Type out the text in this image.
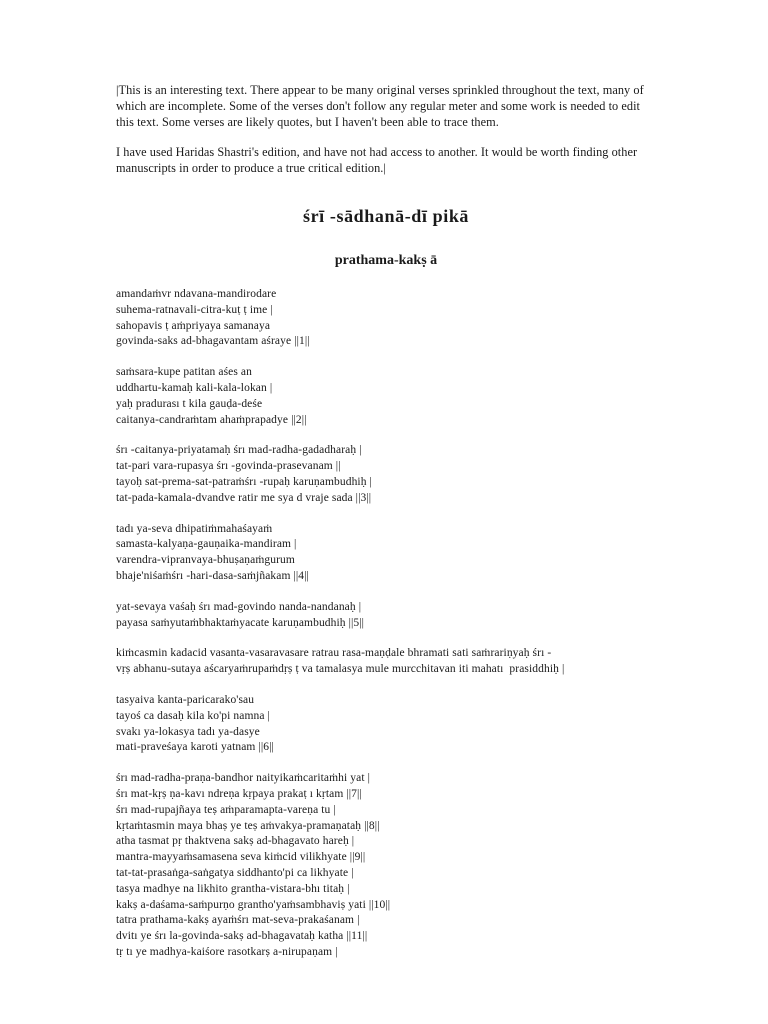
|This is an interesting text. There appear to be many original verses sprinkled throughout the text, many of which are incomplete. Some of the verses don't follow any regular meter and some work is needed to edit this text. Some verses are likely quotes, but I haven't been able to trace them.

I have used Haridas Shastri's edition, and have not had access to another. It would be worth finding other manuscripts in order to produce a true critical edition.|

śrī -sādhanā-dī pikā
prathama-kakṣ ā
amandaṁvr ndavana-mandirodare
suhema-ratnavali-citra-kuṭ ṭ ime |
sahopavis ṭ aṁpriyaya samanaya
govinda-saks ad-bhagavantam aśraye ||1||
saṁsara-kupe patitan aśes an
uddhartu-kamaḥ kali-kala-lokan |
yaḥ pradurası t kila gauḍa-deśe
caitanya-candraṁtam ahaṁprapadye ||2||
śrı -caitanya-priyatamaḥ śrı mad-radha-gadadharaḥ |
tat-pari vara-rupasya śrı -govinda-prasevanam ||
tayoḥ sat-prema-sat-patraṁśrı -rupaḥ karuṇambudhiḥ |
tat-pada-kamala-dvandve ratir me sya d vraje sada ||3||
tadı ya-seva dhipatiṁmahaśayaṁ
samasta-kalyaṇa-gauṇaika-mandiram |
varendra-vipranvaya-bhuṣaṇaṁgurum
bhaje'niśaṁśrı -hari-dasa-saṁjñakam ||4||
yat-sevaya vaśaḥ śrı mad-govindo nanda-nandanaḥ |
payasa saṁyutaṁbhaktaṁyacate karuṇambudhiḥ ||5||
kiṁcasmin kadacid vasanta-vasaravasare ratrau rasa-maṇḍale bhramati sati saṁrariṇyaḥ śrı -
vṛṣ abhanu-sutaya aścaryaṁrupaṁdṛṣ ṭ va tamalasya mule murcchitavan iti mahatı  prasiddhiḥ |
tasyaiva kanta-paricarako'sau
tayoś ca dasaḥ kila ko'pi namna |
svakı ya-lokasya tadı ya-dasye
mati-praveśaya karoti yatnam ||6||
śrı mad-radha-praṇa-bandhor naityikaṁcaritaṁhi yat |
śrı mat-kṛṣ ṇa-kavı ndreṇa kṛpaya prakaṭ ı kṛtam ||7||
śrı mad-rupajñaya teṣ aṁparamapta-vareṇa tu |
kṛtaṁtasmin maya bhaṣ ye teṣ aṁvakya-pramaṇataḥ ||8||
atha tasmat pṛ thaktvena sakṣ ad-bhagavato hareḥ |
mantra-mayyaṁsamasena seva kiṁcid vilikhyate ||9||
tat-tat-prasaṅga-saṅgatya siddhanto'pi ca likhyate |
tasya madhye na likhito grantha-vistara-bhı titaḥ |
kakṣ a-daśama-saṁpurṇo grantho'yaṁsambhaviṣ yati ||10||
tatra prathama-kakṣ ayaṁśrı mat-seva-prakaśanam |
dvitı ye śrı la-govinda-sakṣ ad-bhagavataḥ katha ||11||
tṛ tı ye madhya-kaiśore rasotkarṣ a-nirupaṇam |
